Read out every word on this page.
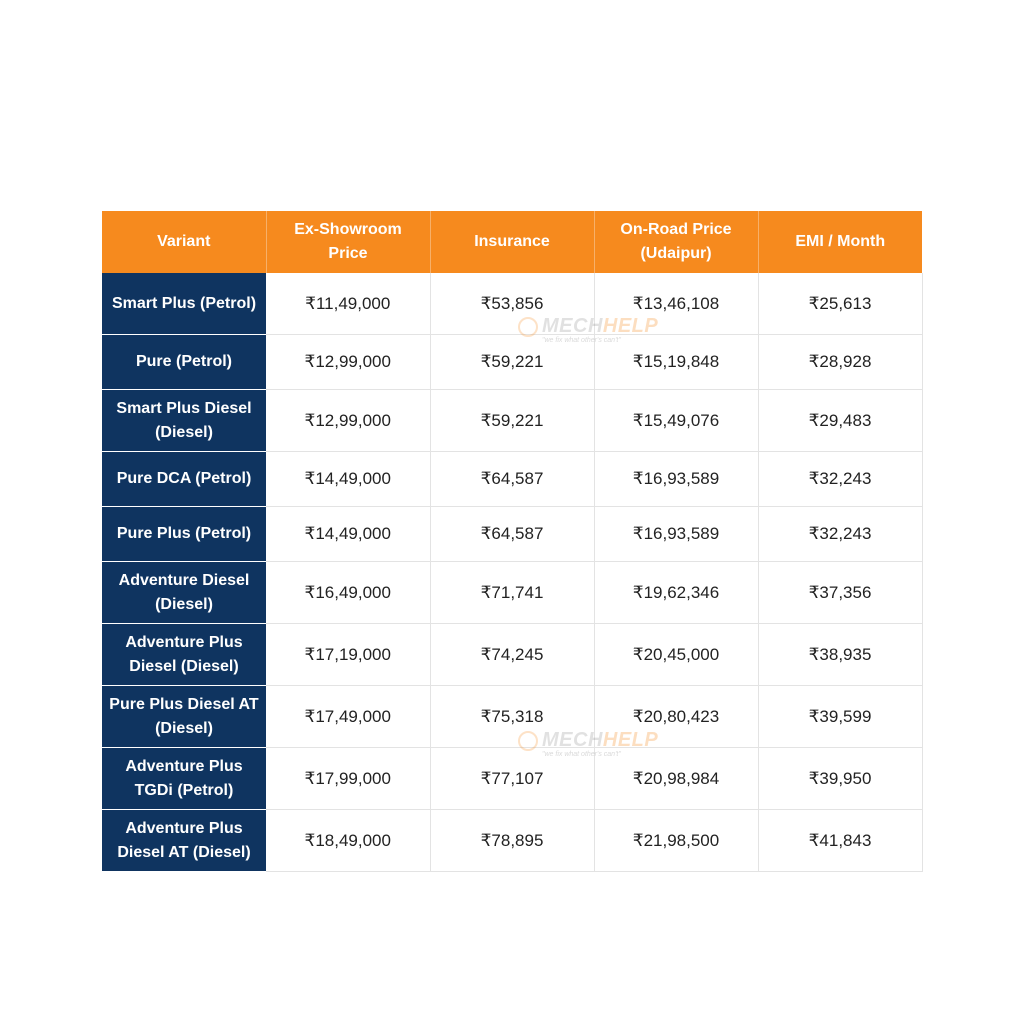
Variant	Ex-Showroom Price	Insurance	On-Road Price (Udaipur)	EMI / Month
Smart Plus (Petrol)	₹11,49,000	₹53,856	₹13,46,108	₹25,613
Pure (Petrol)	₹12,99,000	₹59,221	₹15,19,848	₹28,928
Smart Plus Diesel (Diesel)	₹12,99,000	₹59,221	₹15,49,076	₹29,483
Pure DCA (Petrol)	₹14,49,000	₹64,587	₹16,93,589	₹32,243
Pure Plus (Petrol)	₹14,49,000	₹64,587	₹16,93,589	₹32,243
Adventure Diesel (Diesel)	₹16,49,000	₹71,741	₹19,62,346	₹37,356
Adventure Plus Diesel (Diesel)	₹17,19,000	₹74,245	₹20,45,000	₹38,935
Pure Plus Diesel AT (Diesel)	₹17,49,000	₹75,318	₹20,80,423	₹39,599
Adventure Plus TGDi (Petrol)	₹17,99,000	₹77,107	₹20,98,984	₹39,950
Adventure Plus Diesel AT (Diesel)	₹18,49,000	₹78,895	₹21,98,500	₹41,843
MECHHELP
"we fix what other's can't"
MECHHELP
"we fix what other's can't"
